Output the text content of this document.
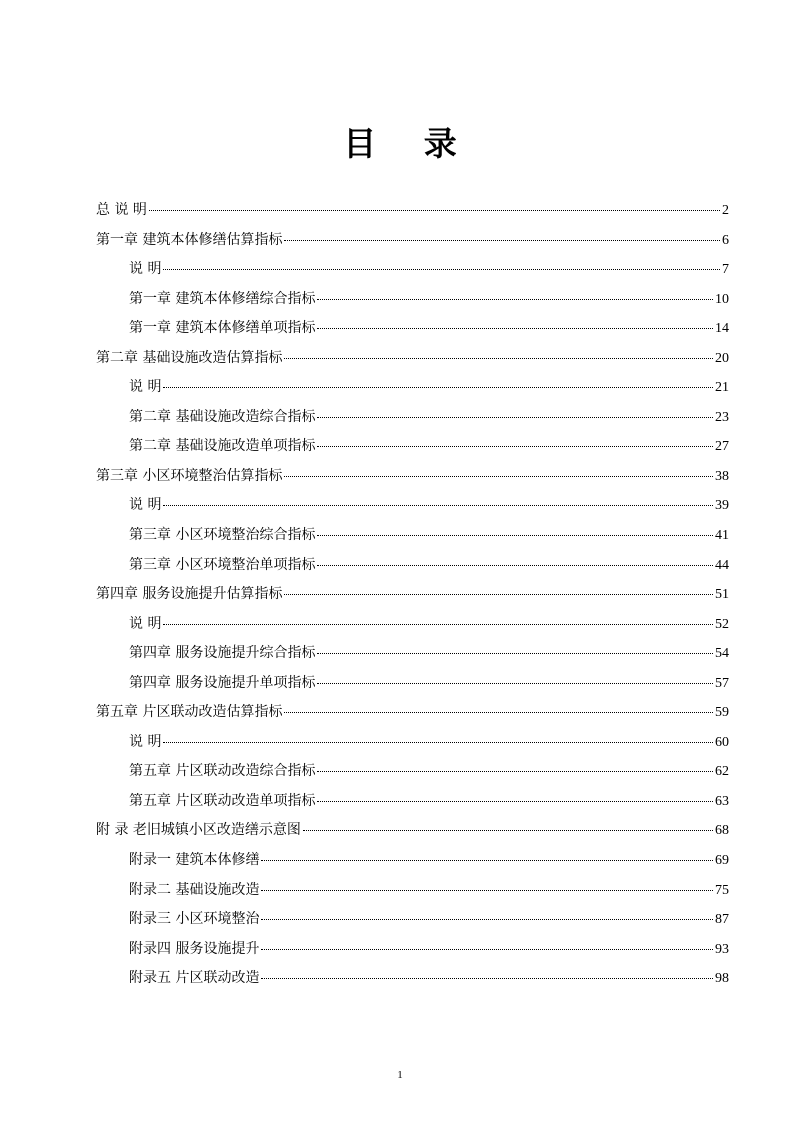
目 录
总 说 明	2
第一章 建筑本体修缮估算指标	6
说 明	7
第一章 建筑本体修缮综合指标	10
第一章 建筑本体修缮单项指标	14
第二章 基础设施改造估算指标	20
说 明	21
第二章 基础设施改造综合指标	23
第二章 基础设施改造单项指标	27
第三章 小区环境整治估算指标	38
说 明	39
第三章 小区环境整治综合指标	41
第三章 小区环境整治单项指标	44
第四章 服务设施提升估算指标	51
说 明	52
第四章 服务设施提升综合指标	54
第四章 服务设施提升单项指标	57
第五章 片区联动改造估算指标	59
说 明	60
第五章 片区联动改造综合指标	62
第五章 片区联动改造单项指标	63
附 录 老旧城镇小区改造缮示意图	68
附录一 建筑本体修缮	69
附录二 基础设施改造	75
附录三 小区环境整治	87
附录四 服务设施提升	93
附录五 片区联动改造	98
1
